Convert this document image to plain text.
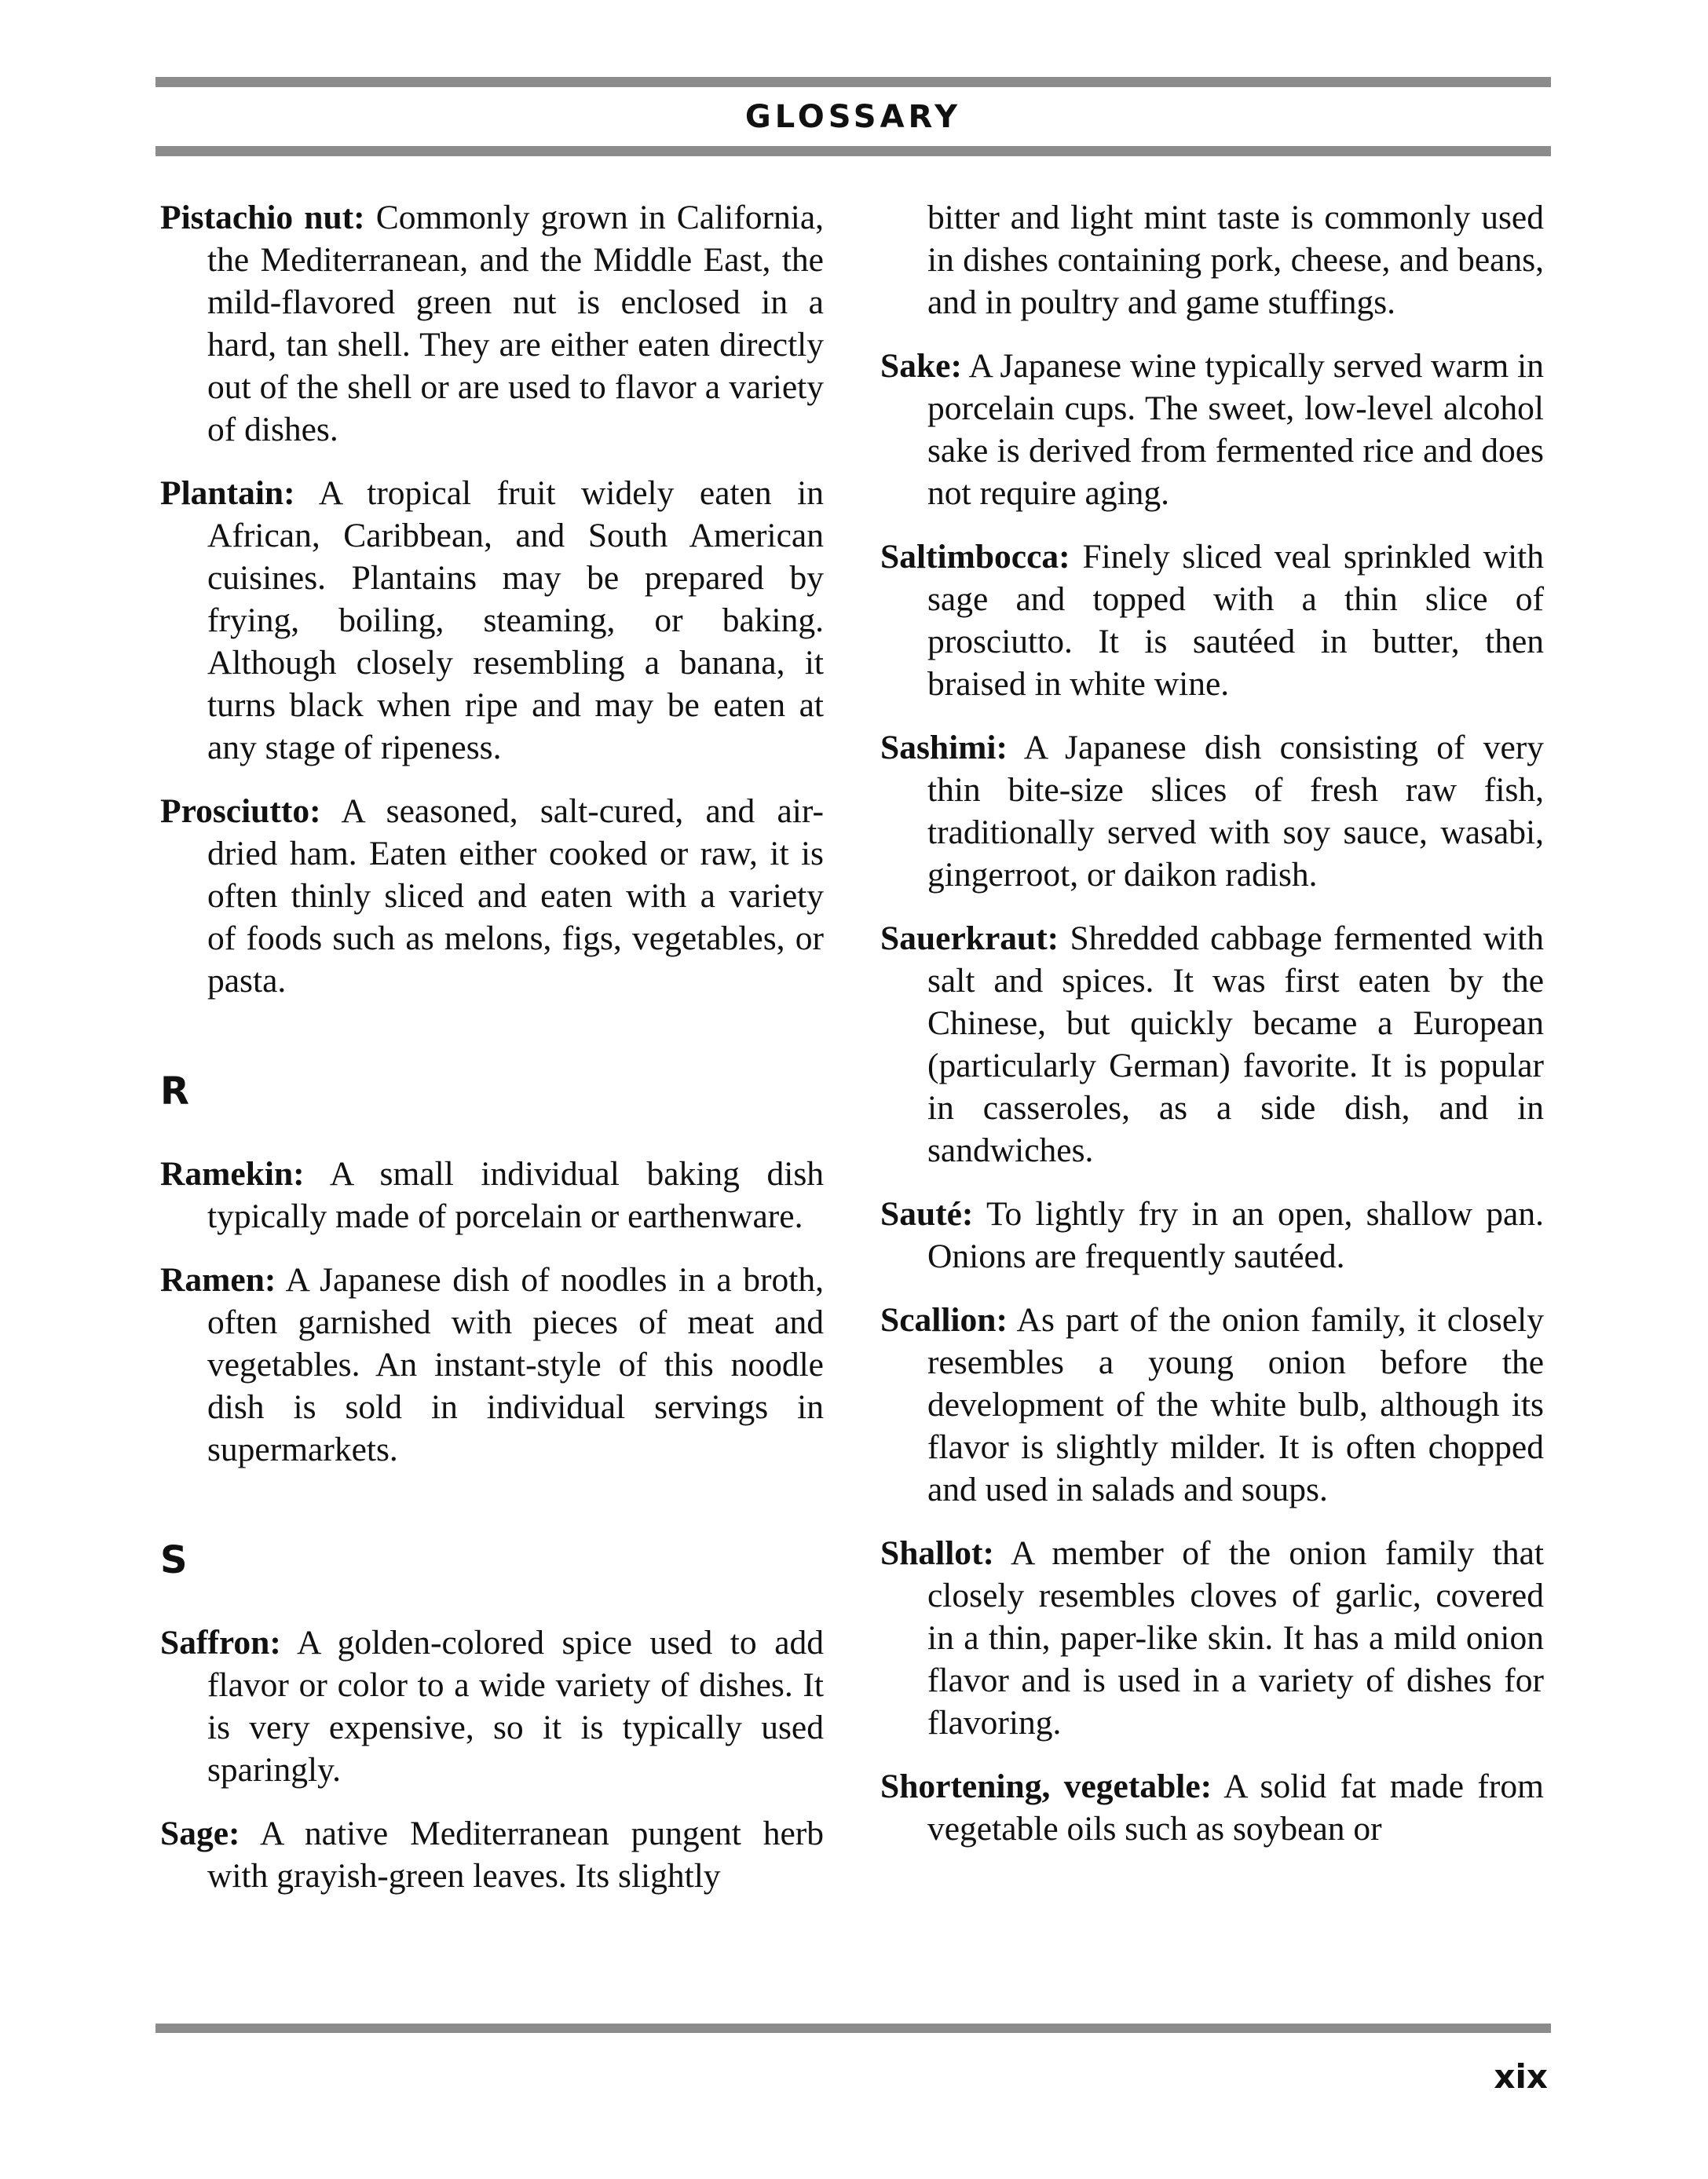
GLOSSARY

Pistachio nut: Commonly grown in California, the Mediterranean, and the Middle East, the mild-flavored green nut is enclosed in a hard, tan shell. They are either eaten directly out of the shell or are used to flavor a variety of dishes.

Plantain: A tropical fruit widely eaten in African, Caribbean, and South American cuisines. Plantains may be prepared by frying, boiling, steaming, or baking. Although closely resembling a banana, it turns black when ripe and may be eaten at any stage of ripeness.

Prosciutto: A seasoned, salt-cured, and air-dried ham. Eaten either cooked or raw, it is often thinly sliced and eaten with a variety of foods such as melons, figs, vegetables, or pasta.

R

Ramekin: A small individual baking dish typically made of porcelain or earthenware.

Ramen: A Japanese dish of noodles in a broth, often garnished with pieces of meat and vegetables. An instant-style of this noodle dish is sold in individual servings in supermarkets.

S

Saffron: A golden-colored spice used to add flavor or color to a wide variety of dishes. It is very expensive, so it is typically used sparingly.

Sage: A native Mediterranean pungent herb with grayish-green leaves. Its slightly

bitter and light mint taste is commonly used in dishes containing pork, cheese, and beans, and in poultry and game stuffings.

Sake: A Japanese wine typically served warm in porcelain cups. The sweet, low-level alcohol sake is derived from fermented rice and does not require aging.

Saltimbocca: Finely sliced veal sprinkled with sage and topped with a thin slice of prosciutto. It is sautéed in butter, then braised in white wine.

Sashimi: A Japanese dish consisting of very thin bite-size slices of fresh raw fish, traditionally served with soy sauce, wasabi, gingerroot, or daikon radish.

Sauerkraut: Shredded cabbage fermented with salt and spices. It was first eaten by the Chinese, but quickly became a European (particularly German) favorite. It is popular in casseroles, as a side dish, and in sandwiches.

Sauté: To lightly fry in an open, shallow pan. Onions are frequently sautéed.

Scallion: As part of the onion family, it closely resembles a young onion before the development of the white bulb, although its flavor is slightly milder. It is often chopped and used in salads and soups.

Shallot: A member of the onion family that closely resembles cloves of garlic, covered in a thin, paper-like skin. It has a mild onion flavor and is used in a variety of dishes for flavoring.

Shortening, vegetable: A solid fat made from vegetable oils such as soybean or

xix
